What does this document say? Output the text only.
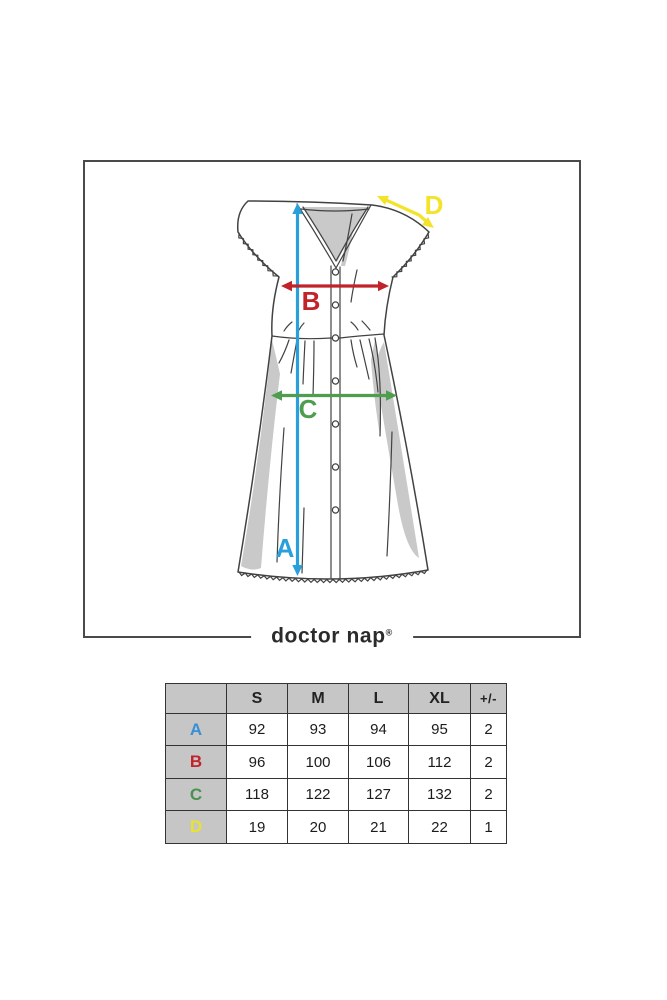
A
B
C
D
doctor nap®
	S	M	L	XL	+/-
A	92	93	94	95	2
B	96	100	106	112	2
C	118	122	127	132	2
D	19	20	21	22	1
